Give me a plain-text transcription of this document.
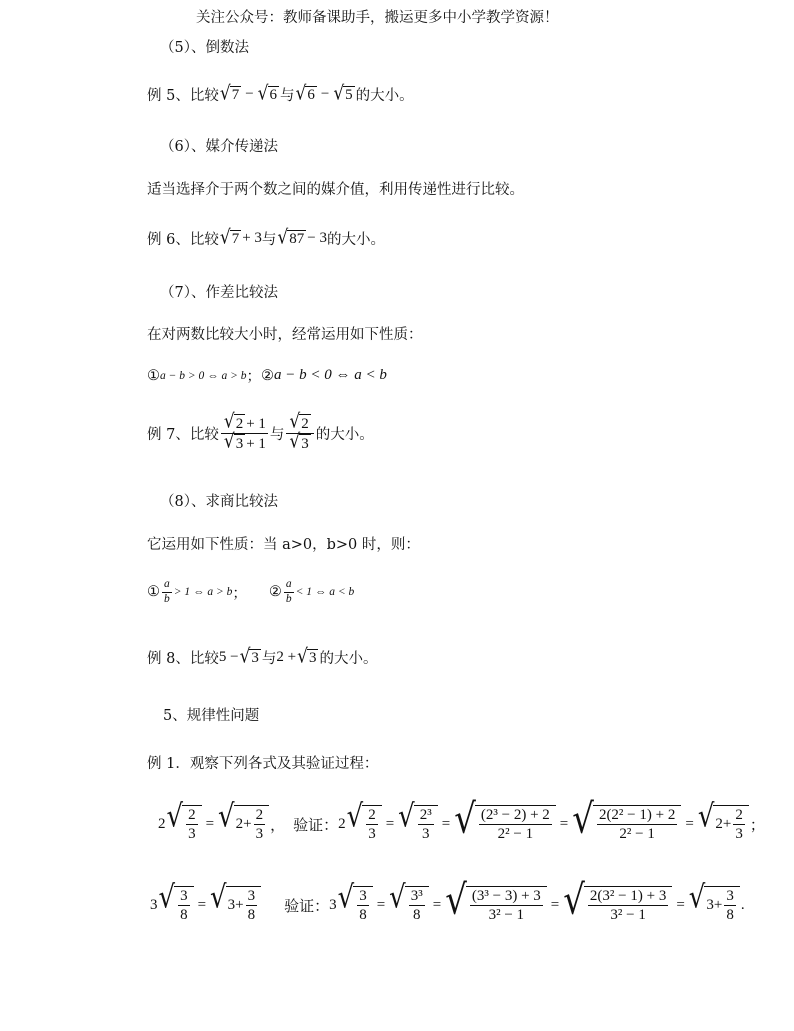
关注公众号：教师备课助手，搬运更多中小学教学资源！
（5）、倒数法
例 5、比较 √ 7 − √ 6 与 √ 6 − √ 5 的大小。
（6）、媒介传递法
适当选择介于两个数之间的媒介值，利用传递性进行比较。
例 6、比较 √ 7 + 3 与 √ 87 − 3 的大小。
（7）、作差比较法
在对两数比较大小时，经常运用如下性质：
① a − b > 0 ⇔ a > b ； ② a − b < 0 ⇔ a < b
例 7、比较 $\frac{√ 2 + 1}{√ 3 + 1}$ 与 $\frac{√ 2}{√ 3}$ 的大小。
（8）、求商比较法
它运用如下性质：当 a>0，b>0 时，则：
① $\frac{a}{b} > 1$ ⇔ a > b ； ② $\frac{a}{b} < 1$ ⇔ a < b
例 8、比较 5 − √ 3 与 2 + √ 3 的大小。
5、规律性问题
例 1．观察下列各式及其验证过程：
2 √ $\frac{2}{3}$ = √ $2+ \frac{2}{3}$ ， 验证： 2 √ $\frac{2}{3}$ = √ $\frac{\text{2³}}{3}$ = √ $\frac{\text{(2³ − 2) + 2}}{\text{2² − 1}}$ = √ $\frac{\text{2(2² − 1) + 2}}{\text{2² − 1}}$ = √ $2+ \frac{2}{3}$ ；
3 √ $\frac{3}{8}$ = √ $3+ \frac{3}{8}$ 验证： 3 √ $\frac{3}{8}$ = √ $\frac{\text{3³}}{8}$ = √ $\frac{\text{(3³ − 3) + 3}}{\text{3² − 1}}$ = √ $\frac{\text{2(3² − 1) + 3}}{\text{3² − 1}}$ = √ $3+ \frac{3}{8}$ .
